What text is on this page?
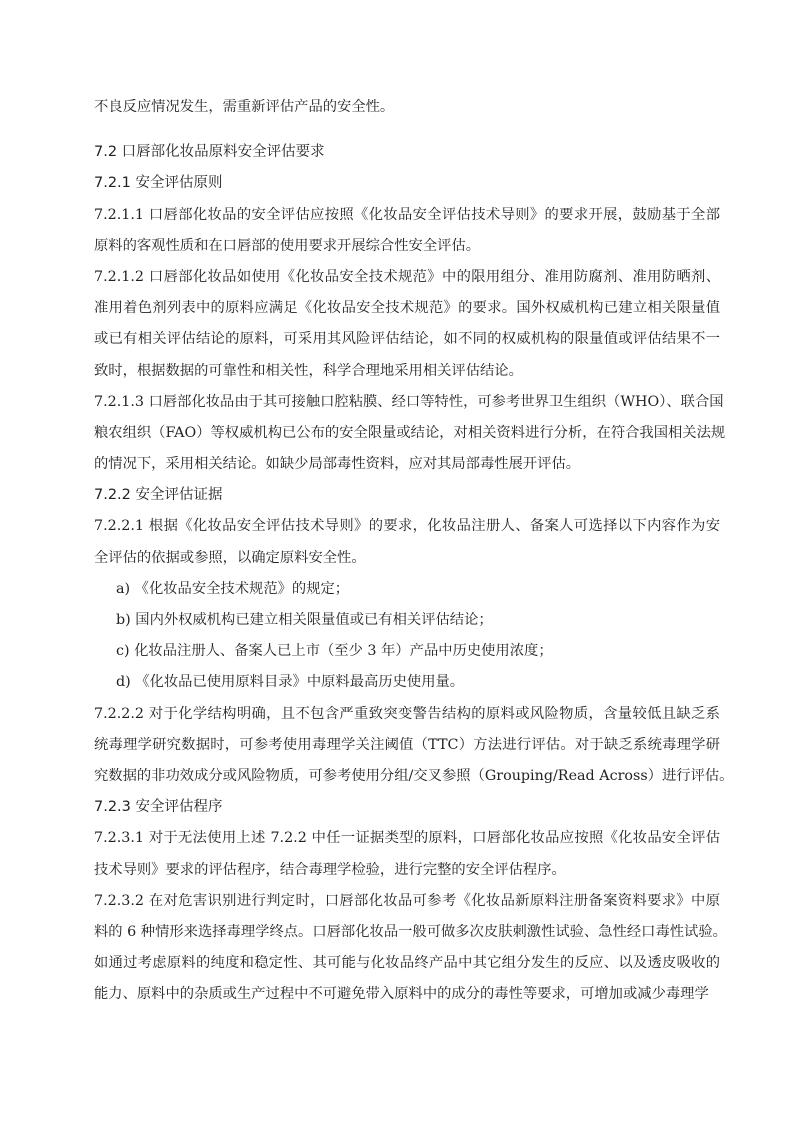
不良反应情况发生，需重新评估产品的安全性。
7.2 口唇部化妆品原料安全评估要求
7.2.1 安全评估原则
7.2.1.1 口唇部化妆品的安全评估应按照《化妆品安全评估技术导则》的要求开展，鼓励基于全部
原料的客观性质和在口唇部的使用要求开展综合性安全评估。
7.2.1.2 口唇部化妆品如使用《化妆品安全技术规范》中的限用组分、准用防腐剂、准用防晒剂、
准用着色剂列表中的原料应满足《化妆品安全技术规范》的要求。国外权威机构已建立相关限量值
或已有相关评估结论的原料，可采用其风险评估结论，如不同的权威机构的限量值或评估结果不一
致时，根据数据的可靠性和相关性，科学合理地采用相关评估结论。
7.2.1.3 口唇部化妆品由于其可接触口腔粘膜、经口等特性，可参考世界卫生组织（WHO）、联合国
粮农组织（FAO）等权威机构已公布的安全限量或结论，对相关资料进行分析，在符合我国相关法规
的情况下，采用相关结论。如缺少局部毒性资料，应对其局部毒性展开评估。
7.2.2 安全评估证据
7.2.2.1 根据《化妆品安全评估技术导则》的要求，化妆品注册人、备案人可选择以下内容作为安
全评估的依据或参照，以确定原料安全性。
a) 《化妆品安全技术规范》的规定；
b) 国内外权威机构已建立相关限量值或已有相关评估结论；
c) 化妆品注册人、备案人已上市（至少 3 年）产品中历史使用浓度；
d) 《化妆品已使用原料目录》中原料最高历史使用量。
7.2.2.2 对于化学结构明确，且不包含严重致突变警告结构的原料或风险物质，含量较低且缺乏系
统毒理学研究数据时，可参考使用毒理学关注阈值（TTC）方法进行评估。对于缺乏系统毒理学研
究数据的非功效成分或风险物质，可参考使用分组/交叉参照（Grouping/Read Across）进行评估。
7.2.3 安全评估程序
7.2.3.1 对于无法使用上述 7.2.2 中任一证据类型的原料，口唇部化妆品应按照《化妆品安全评估
技术导则》要求的评估程序，结合毒理学检验，进行完整的安全评估程序。
7.2.3.2 在对危害识别进行判定时，口唇部化妆品可参考《化妆品新原料注册备案资料要求》中原
料的 6 种情形来选择毒理学终点。口唇部化妆品一般可做多次皮肤刺激性试验、急性经口毒性试验。
如通过考虑原料的纯度和稳定性、其可能与化妆品终产品中其它组分发生的反应、以及透皮吸收的
能力、原料中的杂质或生产过程中不可避免带入原料中的成分的毒性等要求，可增加或减少毒理学
